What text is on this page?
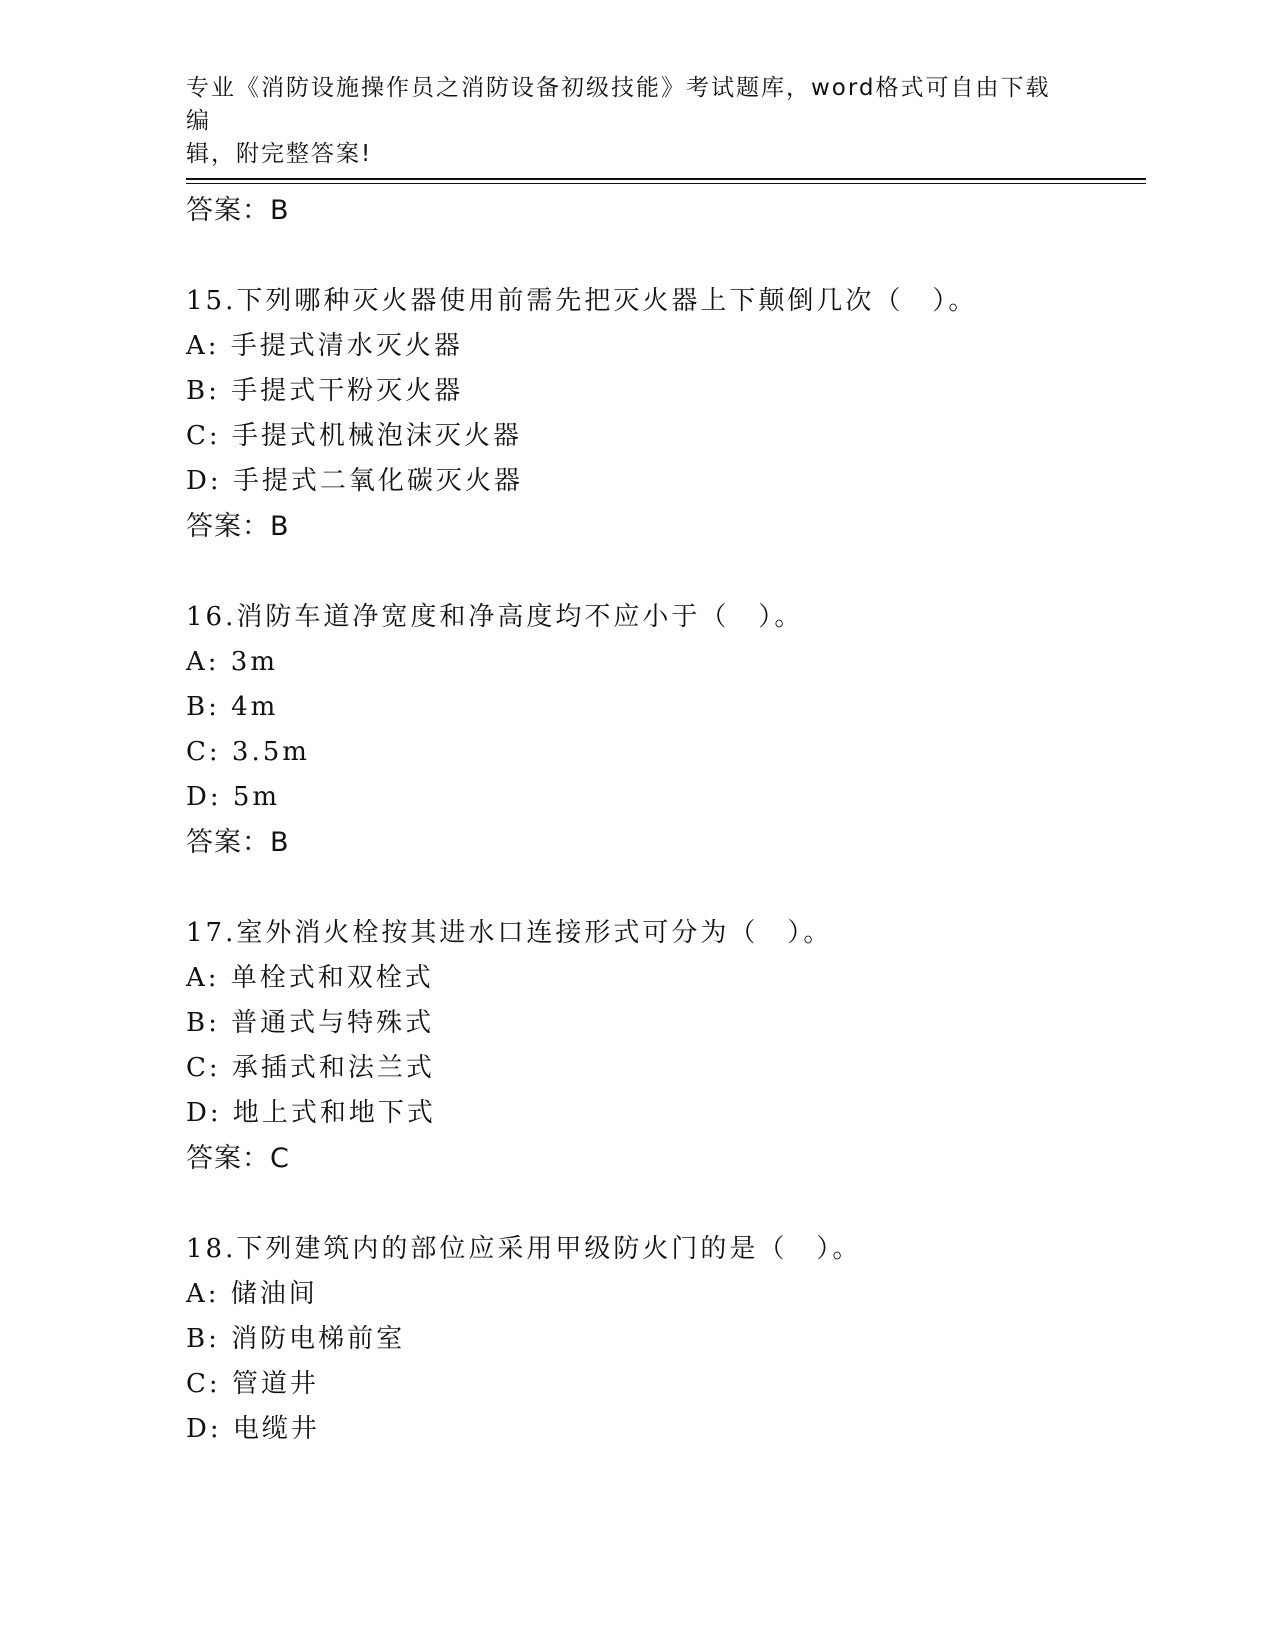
专业《消防设施操作员之消防设备初级技能》考试题库，word格式可自由下载编
辑，附完整答案!
答案：B
15.下列哪种灭火器使用前需先把灭火器上下颠倒几次（　）。
A: 手提式清水灭火器
B: 手提式干粉灭火器
C: 手提式机械泡沫灭火器
D: 手提式二氧化碳灭火器
答案：B
16.消防车道净宽度和净高度均不应小于（　）。
A: 3m
B: 4m
C: 3.5m
D: 5m
答案：B
17.室外消火栓按其进水口连接形式可分为（　）。
A: 单栓式和双栓式
B: 普通式与特殊式
C: 承插式和法兰式
D: 地上式和地下式
答案：C
18.下列建筑内的部位应采用甲级防火门的是（　）。
A: 储油间
B: 消防电梯前室
C: 管道井
D: 电缆井
